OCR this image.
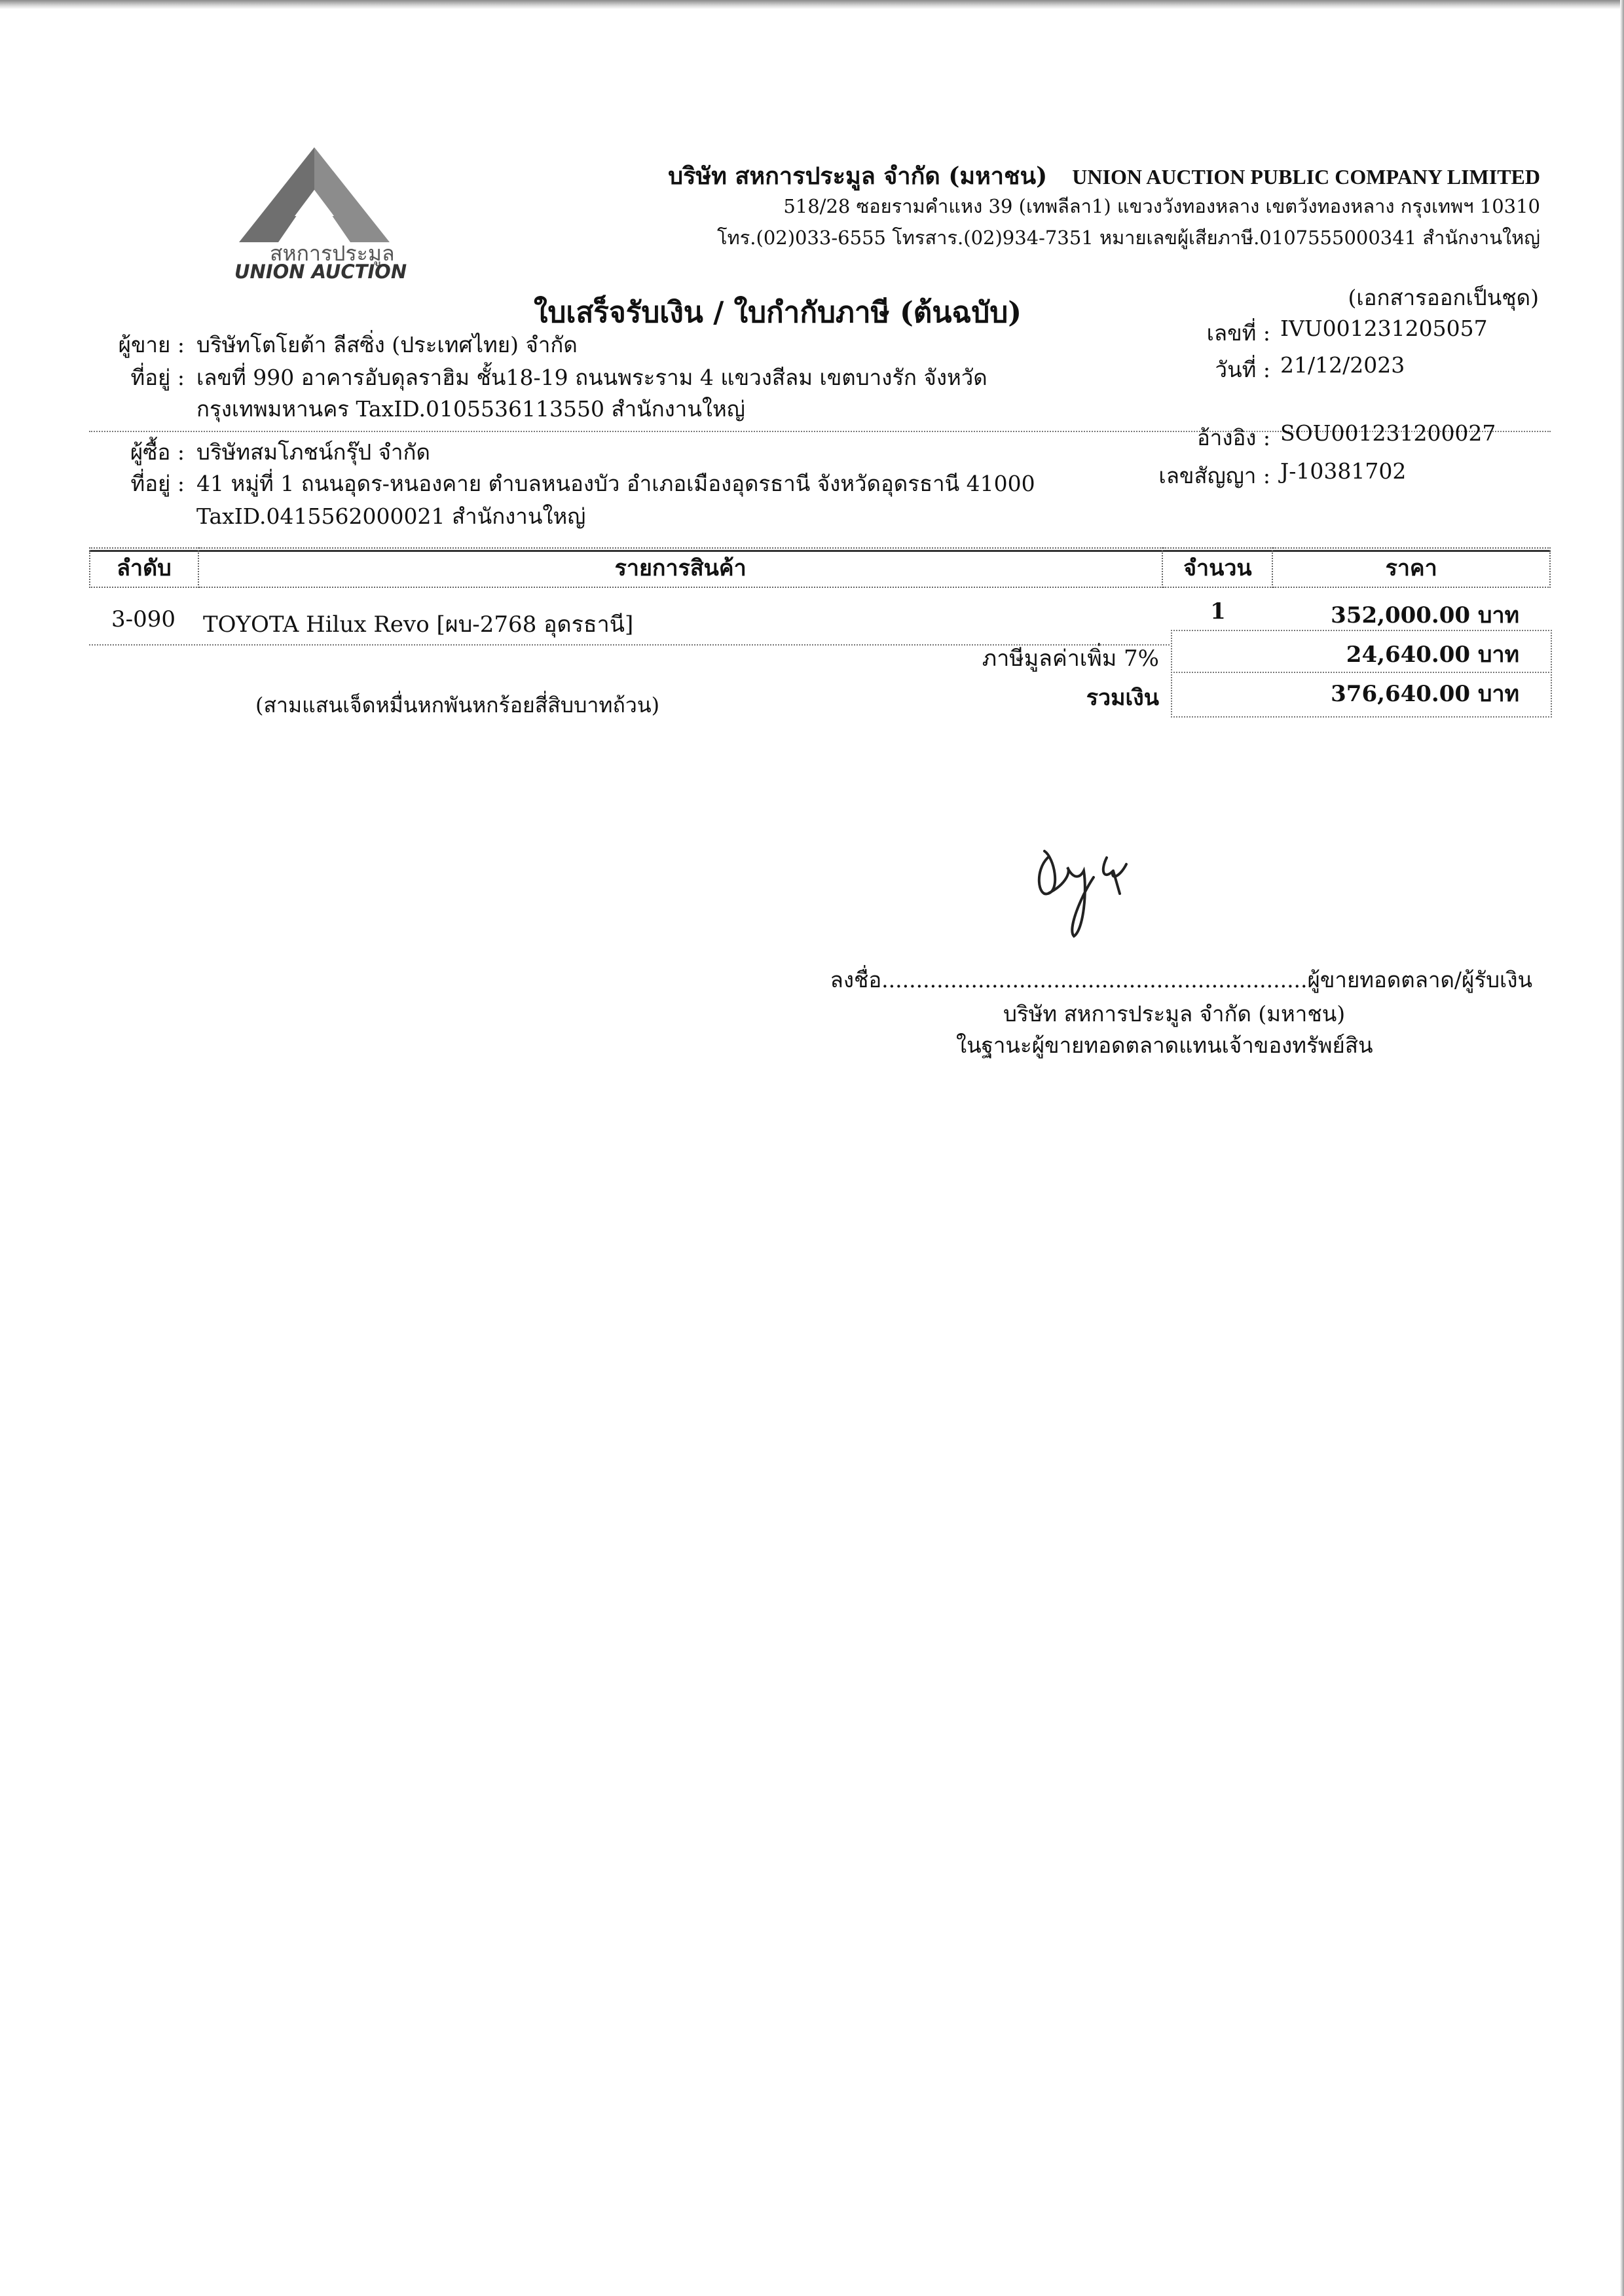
สหการประมูล
UNION AUCTION
บริษัท สหการประมูล จำกัด (มหาชน) UNION AUCTION PUBLIC COMPANY LIMITED
518/28 ซอยรามคำแหง 39 (เทพลีลา1) แขวงวังทองหลาง เขตวังทองหลาง กรุงเทพฯ 10310
โทร.(02)033-6555 โทรสาร.(02)934-7351 หมายเลขผู้เสียภาษี.0107555000341 สำนักงานใหญ่
ใบเสร็จรับเงิน / ใบกำกับภาษี (ต้นฉบับ)	(เอกสารออกเป็นชุด)
ผู้ขาย : บริษัทโตโยต้า ลีสซิ่ง (ประเทศไทย) จำกัด
ที่อยู่ : เลขที่ 990 อาคารอับดุลราฮิม ชั้น18-19 ถนนพระราม 4 แขวงสีลม เขตบางรัก จังหวัด
กรุงเทพมหานคร TaxID.0105536113550 สำนักงานใหญ่
เลขที่ : IVU001231205057
วันที่ : 21/12/2023
ผู้ซื้อ : บริษัทสมโภชน์กรุ๊ป จำกัด
ที่อยู่ : 41 หมู่ที่ 1 ถนนอุดร-หนองคาย ตำบลหนองบัว อำเภอเมืองอุดรธานี จังหวัดอุดรธานี 41000
TaxID.0415562000021 สำนักงานใหญ่
อ้างอิง : SOU001231200027
เลขสัญญา : J-10381702
ลำดับ	รายการสินค้า	จำนวน	ราคา
3-090 TOYOTA Hilux Revo [ผบ-2768 อุดรธานี]	1	352,000.00 บาท
ภาษีมูลค่าเพิ่ม 7%	24,640.00 บาท
รวมเงิน	376,640.00 บาท
(สามแสนเจ็ดหมื่นหกพันหกร้อยสี่สิบบาทถ้วน)
ลงชื่อ..............................................................ผู้ขายทอดตลาด/ผู้รับเงิน
บริษัท สหการประมูล จำกัด (มหาชน)
ในฐานะผู้ขายทอดตลาดแทนเจ้าของทรัพย์สิน
